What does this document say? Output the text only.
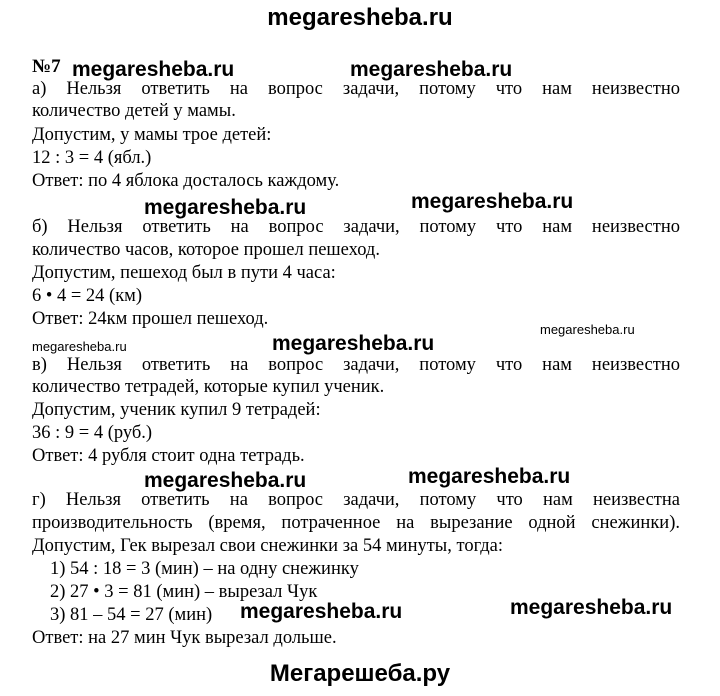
megaresheba.ru
№7 megaresheba.ru	megaresheba.ru
а) Нельзя ответить на вопрос задачи, потому что нам неизвестно
количество детей у мамы.
Допустим, у мамы трое детей:
12 : 3 = 4 (ябл.)
Ответ: по 4 яблока досталось каждому.
megaresheba.ru	megaresheba.ru
б) Нельзя ответить на вопрос задачи, потому что нам неизвестно
количество часов, которое прошел пешеход.
Допустим, пешеход был в пути 4 часа:
6 • 4 = 24 (км)
Ответ: 24км прошел пешеход.
megaresheba.ru
megaresheba.ru	megaresheba.ru
в) Нельзя ответить на вопрос задачи, потому что нам неизвестно
количество тетрадей, которые купил ученик.
Допустим, ученик купил 9 тетрадей:
36 : 9 = 4 (руб.)
Ответ: 4 рубля стоит одна тетрадь.
megaresheba.ru	megaresheba.ru
г) Нельзя ответить на вопрос задачи, потому что нам неизвестна
производительность (время, потраченное на вырезание одной снежинки).
Допустим, Гек вырезал свои снежинки за 54 минуты, тогда:
1) 54 : 18 = 3 (мин) – на одну снежинку
2) 27 • 3 = 81 (мин) – вырезал Чук
3) 81 – 54 = 27 (мин) megaresheba.ru	megaresheba.ru
Ответ: на 27 мин Чук вырезал дольше.
Мегарешеба.ру
